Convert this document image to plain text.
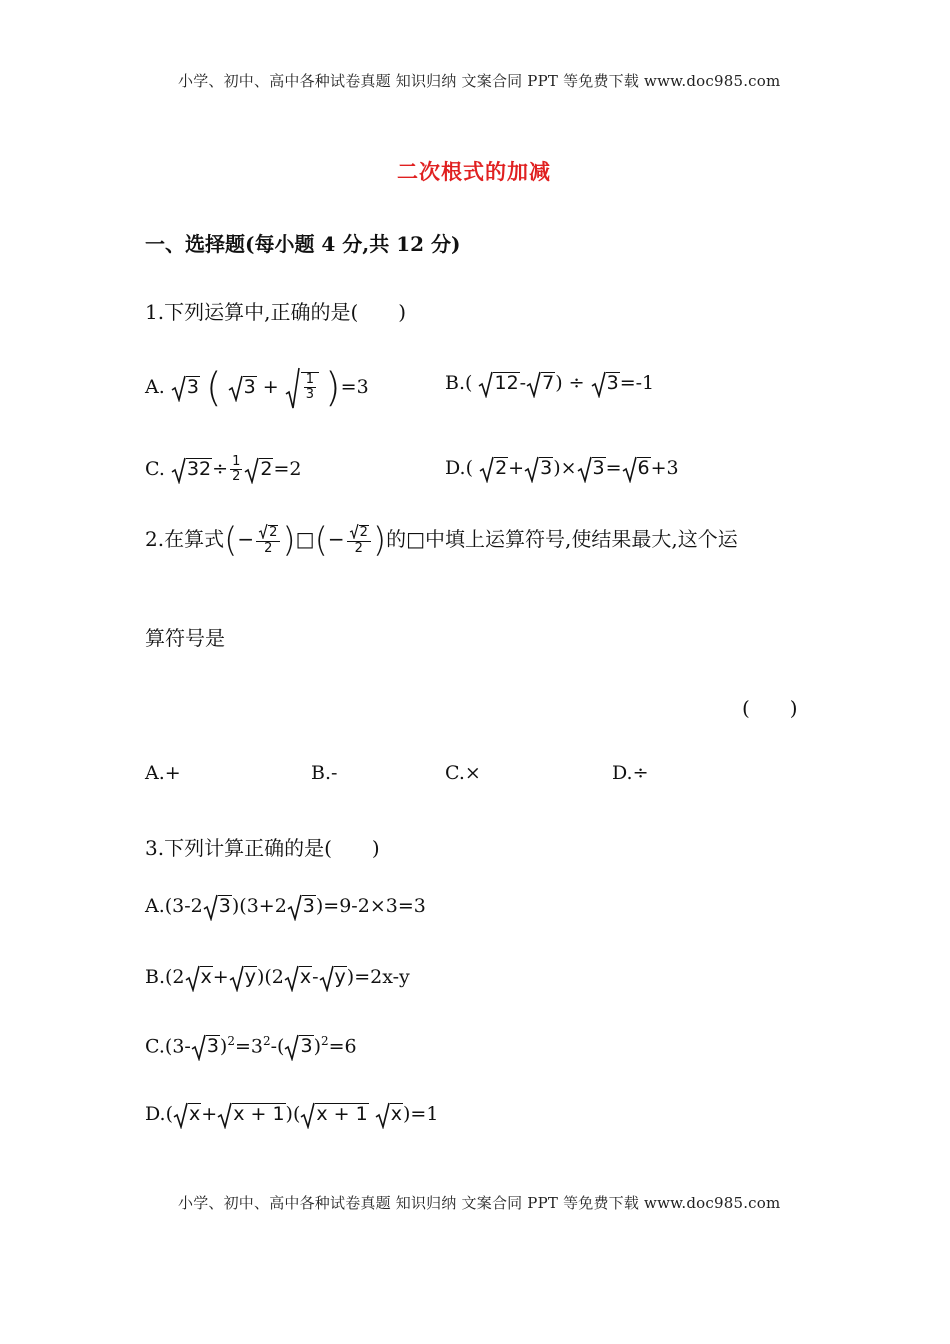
小学、初中、高中各种试卷真题 知识归纳 文案合同 PPT 等免费下载 www.doc985.com
小学、初中、高中各种试卷真题 知识归纳 文案合同 PPT 等免费下载 www.doc985.com
二次根式的加减
一、选择题(每小题 4 分,共 12 分)
1.下列运算中,正确的是(　　)
A. 3 ( $3 + \frac{1}{3} )=3$	B.( 12- 7) ÷ 3=-1
C. $32\div \frac{1}{2} 2=2$	D.( 2+ 3)× 3= 6+3
2.在算式(− $\frac{2}{2}$ )□(− $\frac{2}{2}$ )的□中填上运算符号,使结果最大,这个运
算符号是
(　　)
A.+	B.-	C.×	D.÷
3.下列计算正确的是(　　)
A.(3-2 3)(3+2 3)=9-2×3=3
B.(2 x+ y)(2 x- y)=2x-y
C.(3- $3)^2=3^2-$( 3)$^2$=6
D.( x+ x + 1)( x + 1 x)=1
